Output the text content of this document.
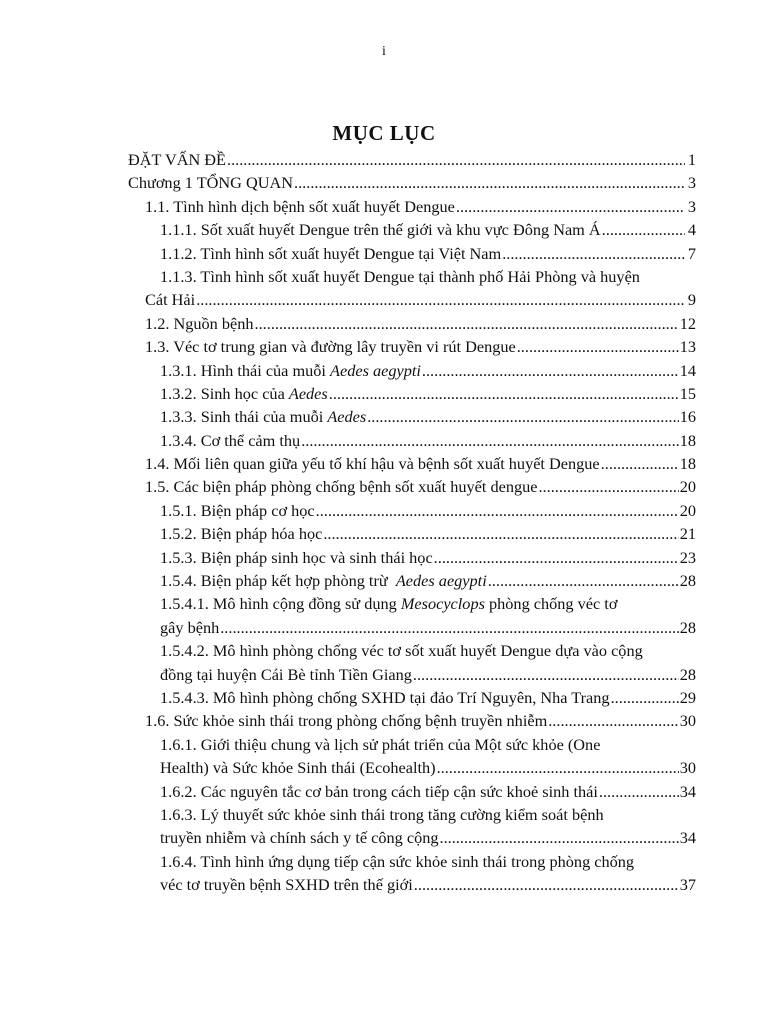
i
MỤC LỤC
ĐẶT VẤN ĐỀ .....	1
Chương 1 TỔNG QUAN .....	3
1.1. Tình hình dịch bệnh sốt xuất huyết Dengue .....	3
1.1.1. Sốt xuất huyết Dengue trên thế giới và khu vực Đông Nam Á .....	4
1.1.2. Tình hình sốt xuất huyết Dengue tại Việt Nam .....	7
1.1.3. Tình hình sốt xuất huyết Dengue tại thành phố Hải Phòng và huyện
Cát Hải .....	9
1.2. Nguồn bệnh .....	12
1.3. Véc tơ trung gian và đường lây truyền vi rút Dengue .....	13
1.3.1. Hình thái của muỗi Aedes aegypti .....	14
1.3.2. Sinh học của Aedes .....	15
1.3.3. Sinh thái của muỗi Aedes .....	16
1.3.4. Cơ thể cảm thụ .....	18
1.4. Mối liên quan giữa yếu tố khí hậu và bệnh sốt xuất huyết Dengue .....	18
1.5. Các biện pháp phòng chống bệnh sốt xuất huyết dengue .....	20
1.5.1. Biện pháp cơ học .....	20
1.5.2. Biện pháp hóa học .....	21
1.5.3. Biện pháp sinh học và sinh thái học .....	23
1.5.4. Biện pháp kết hợp phòng trừ  Aedes aegypti .....	28
1.5.4.1. Mô hình cộng đồng sử dụng Mesocyclops phòng chống véc tơ
gây bệnh .....	28
1.5.4.2. Mô hình phòng chống véc tơ sốt xuất huyết Dengue dựa vào cộng
đồng tại huyện Cái Bè tỉnh Tiền Giang .....	28
1.5.4.3. Mô hình phòng chống SXHD tại đảo Trí Nguyên, Nha Trang .....	29
1.6. Sức khỏe sinh thái trong phòng chống bệnh truyền nhiễm .....	30
1.6.1. Giới thiệu chung và lịch sử phát triển của Một sức khỏe (One
Health) và Sức khỏe Sinh thái (Ecohealth) .....	30
1.6.2. Các nguyên tắc cơ bản trong cách tiếp cận sức khoẻ sinh thái .....	34
1.6.3. Lý thuyết sức khỏe sinh thái trong tăng cường kiểm soát bệnh
truyền nhiễm và chính sách y tế công cộng .....	34
1.6.4. Tình hình ứng dụng tiếp cận sức khỏe sinh thái trong phòng chống
véc tơ truyền bệnh SXHD trên thế giới .....	37
